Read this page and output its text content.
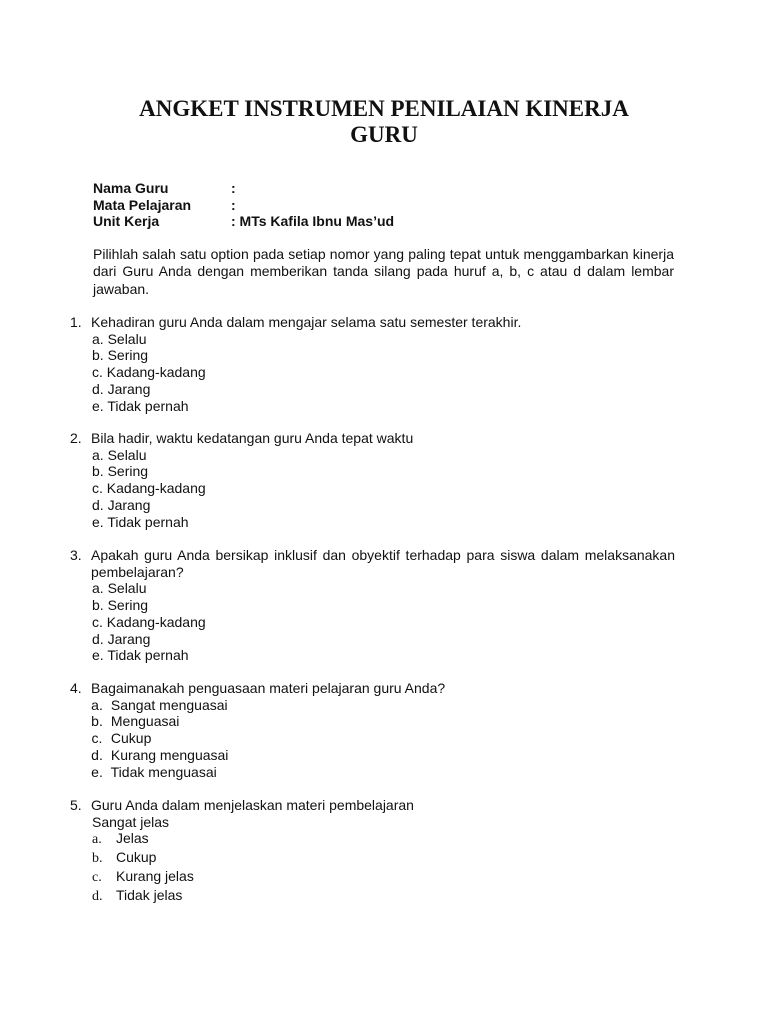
ANGKET INSTRUMEN PENILAIAN KINERJA
GURU
Nama Guru	:
Mata Pelajaran	:
Unit Kerja	: MTs Kafila Ibnu Mas’ud

Pilihlah salah satu option pada setiap nomor yang paling tepat untuk menggambarkan kinerja dari Guru Anda dengan memberikan tanda silang pada huruf a, b, c atau d dalam lembar jawaban.

1. Kehadiran guru Anda dalam mengajar selama satu semester terakhir.
a. Selalu
b. Sering
c. Kadang-kadang
d. Jarang
e. Tidak pernah
2. Bila hadir, waktu kedatangan guru Anda tepat waktu
a. Selalu
b. Sering
c. Kadang-kadang
d. Jarang
e. Tidak pernah
3. Apakah guru Anda bersikap inklusif dan obyektif terhadap para siswa dalam melaksanakan pembelajaran?
a. Selalu
b. Sering
c. Kadang-kadang
d. Jarang
e. Tidak pernah
4. Bagaimanakah penguasaan materi pelajaran guru Anda?
a. Sangat menguasai
b. Menguasai
c. Cukup
d. Kurang menguasai
e. Tidak menguasai
5. Guru Anda dalam menjelaskan materi pembelajaran
Sangat jelas
a. Jelas
b. Cukup
c. Kurang jelas
d. Tidak jelas
